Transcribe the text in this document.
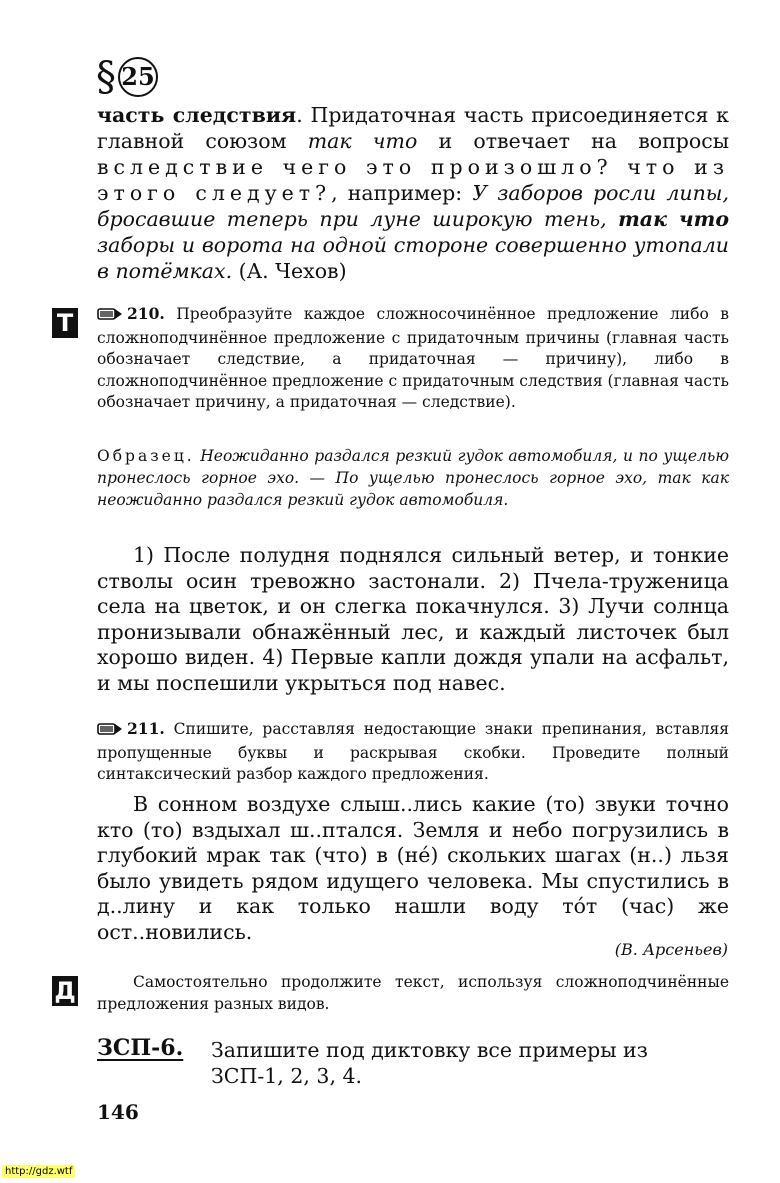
§ 25
часть следствия. Придаточная часть присоединяется к главной союзом так что и отвечает на вопросы вследствие чего это произошло? что из этого следует?, например: У заборов росли липы, бросавшие теперь при луне широкую тень, так что заборы и ворота на одной стороне совершенно утопали в потёмках. (А. Чехов)
T	210. Преобразуйте каждое сложносочинённое предложение либо в сложноподчинённое предложение с придаточным причины (главная часть обозначает следствие, а придаточная — причину), либо в сложноподчинённое предложение с придаточным следствия (главная часть обозначает причину, а придаточная — следствие).
Образец. Неожиданно раздался резкий гудок автомобиля, и по ущелью пронеслось горное эхо. — По ущелью пронеслось горное эхо, так как неожиданно раздался резкий гудок автомобиля.
1) После полудня поднялся сильный ветер, и тонкие стволы осин тревожно застонали. 2) Пчела-труженица села на цветок, и он слегка покачнулся. 3) Лучи солнца пронизывали обнажённый лес, и каждый листочек был хорошо виден. 4) Первые капли дождя упали на асфальт, и мы поспешили укрыться под навес.
211. Спишите, расставляя недостающие знаки препинания, вставляя пропущенные буквы и раскрывая скобки. Проведите полный синтаксический разбор каждого предложения.
В сонном воздухе слыш..лись какие (то) звуки точно кто (то) вздыхал ш..птался. Земля и небо погрузились в глубокий мрак так (что) в (не́) скольких шагах (н..) льзя было увидеть рядом идущего человека. Мы спустились в д..лину и как только нашли воду то́т (час) же ост..новились.
(В. Арсеньев)
Д	Самостоятельно продолжите текст, используя сложноподчинённые предложения разных видов.
ЗСП-6. Запишите под диктовку все примеры из ЗСП-1, 2, 3, 4.
146
http://gdz.wtf
